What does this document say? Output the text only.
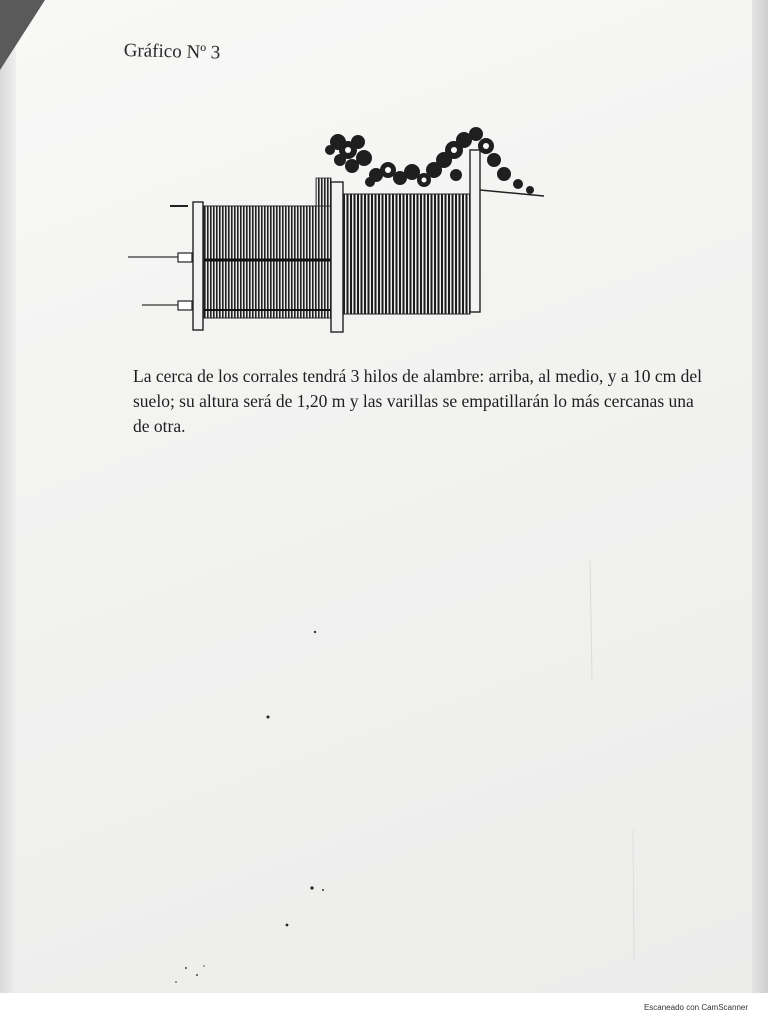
Gráfico Nº 3

La cerca de los corrales tendrá 3 hilos de alambre: arriba, al medio, y a 10 cm del

suelo; su altura será de 1,20 m y las varillas se empatillarán lo más cercanas una

de otra.

Escaneado con CamScanner
